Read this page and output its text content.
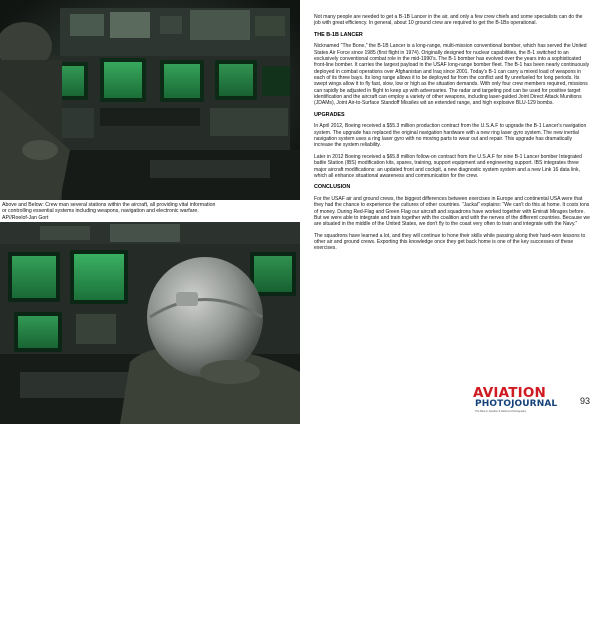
Above and Below: Crew man several stations within the aircraft, all providing vital information

or controlling essential systems including weapons, navigation and electronic warfare.

AP//Roelof-Jan Gort

92

Not many people are needed to get a B-1B Lancer in the air, and only a few crew chiefs and some specialists can do the job with great efficiency. In general, about 10 ground crew are required to get the B-1Bs operational.

THE B-1B LANCER

Nicknamed "The Bone," the B-1B Lancer is a long-range, multi-mission conventional bomber, which has served the United States Air Force since 1985 (first flight in 1974). Originally designed for nuclear capabilities, the B-1 switched to an exclusively conventional combat role in the mid-1990's. The B-1 bomber has evolved over the years into a sophisticated front-line bomber. It carries the largest payload in the USAF long-range bomber fleet. The B-1 has been nearly continuously deployed in combat operations over Afghanistan and Iraq since 2001. Today's B-1 can carry a mixed load of weapons in each of its three bays. Its long range allows it to be deployed far from the conflict and fly unrefueled for long periods. Its swept wings allow it to fly fast, slow, low or high as the situation demands. With only four crew members required, missions can rapidly be adjusted in flight to keep up with adversaries. The radar and targeting pod can be used for positive target identification and the aircraft can employ a variety of other weapons, including laser-guided Joint Direct Attack Munitions (JDAMs), Joint Air-to-Surface Standoff Missiles wit an extended range, and high explosive BLU-129 bombs.

UPGRADES

In April 2012, Boeing received a $55.3 million production contract from the U.S.A.F to upgrade the B-1 Lancer's navigation system. The upgrade has replaced the original navigation hardware with a new ring laser gyro system. The new inertial navigation system uses a ring laser gyro with no moving parts to wear out and repair. This upgrade has dramatically increase the system reliability.

Later in 2012 Boeing received a $65.8 million follow-on contract from the U.S.A.F for nine B-1 Lancer bomber Integrated battle Station (IBS) modification kits, spares, training, support equipment and engineering support. IBS integrates three major aircraft modifications: an updated front and cockpit, a new diagnostic system system and a new Link 16 data link, which all enhance situational awareness and communication for the crew.

CONCLUSION

For the USAF air and ground crews, the biggest differences between exercises in Europe and continental USA were that they had the chance to experience the cultures of other countries. "Jackal" explains: "We can't do this at home. It costs tons of money. During Red-Flag and Green Flag our aircraft and squadrons have worked together with Emirati Mirages before. But we were able to integrate and train together with the coalition and with the nerves of the different countries. Because we are situated in the middle of the United States, we don't fly to the coast very often to train and integrate with the Navy."

The squadrons have learned a lot, and they will continue to hone their skills while passing along their hard-won lessons to other air and ground crews. Exporting this knowledge once they get back home is one of the key successes of these exercises.

AVIATION
PHOTOJOURNAL
The Best in Aviation & Defence Photography
93
